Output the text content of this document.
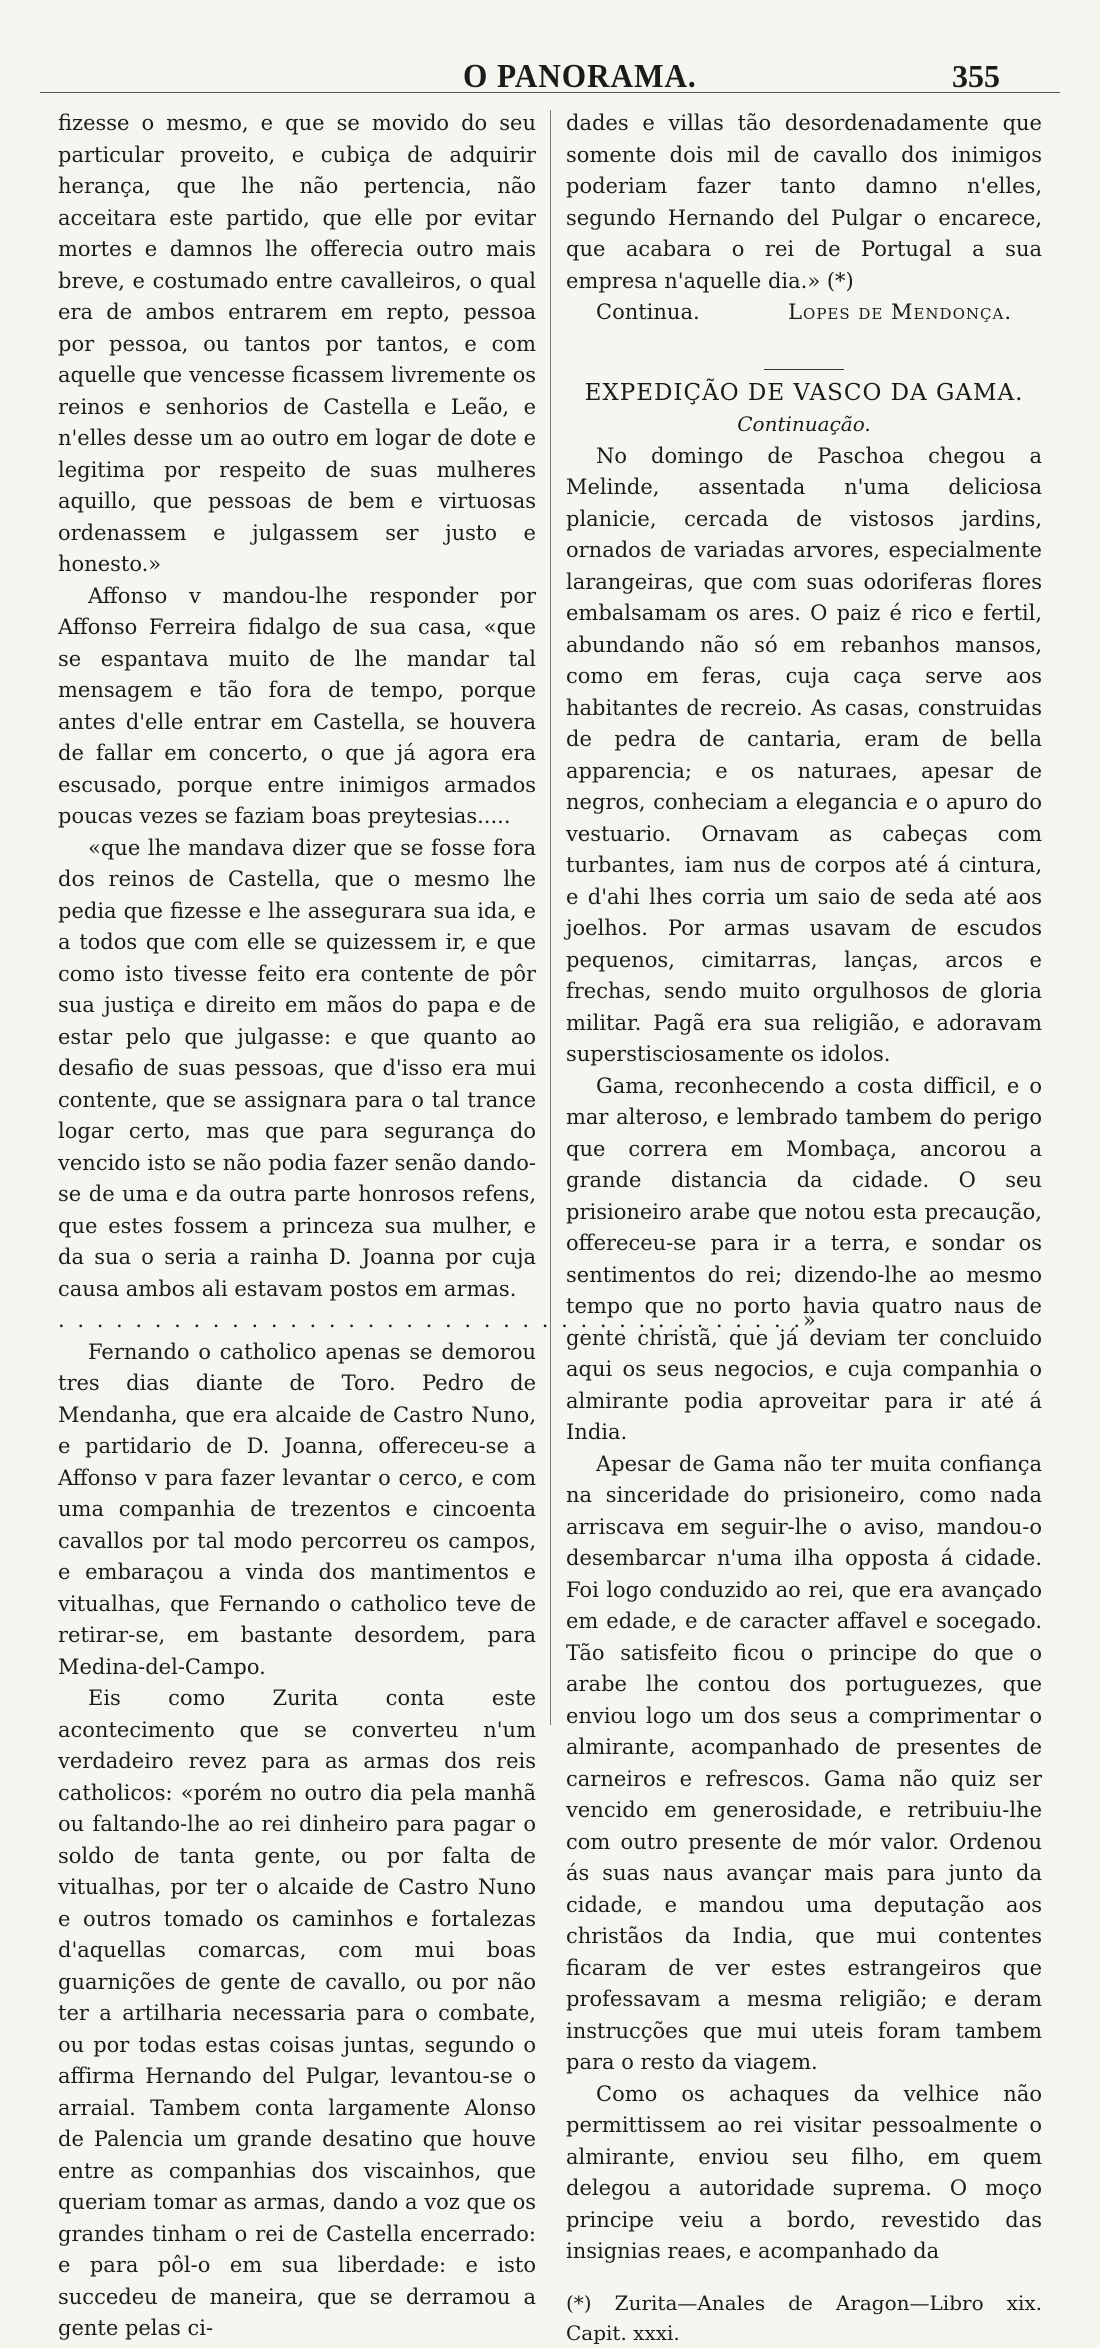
O PANORAMA.	355

fizesse o mesmo, e que se movido do seu particular proveito, e cubiça de adquirir herança, que lhe não pertencia, não acceitara este partido, que elle por evitar mortes e damnos lhe offerecia outro mais breve, e costumado entre cavalleiros, o qual era de ambos entrarem em repto, pessoa por pessoa, ou tantos por tantos, e com aquelle que vencesse ficassem livremente os reinos e senhorios de Castella e Leão, e n'elles desse um ao outro em logar de dote e legitima por respeito de suas mulheres aquillo, que pessoas de bem e virtuosas ordenassem e julgassem ser justo e honesto.»

Affonso v mandou-lhe responder por Affonso Ferreira fidalgo de sua casa, «que se espantava muito de lhe mandar tal mensagem e tão fora de tempo, porque antes d'elle entrar em Castella, se houvera de fallar em concerto, o que já agora era escusado, porque entre inimigos armados poucas vezes se faziam boas preytesias.....

«que lhe mandava dizer que se fosse fora dos reinos de Castella, que o mesmo lhe pedia que fizesse e lhe assegurara sua ida, e a todos que com elle se quizessem ir, e que como isto tivesse feito era contente de pôr sua justiça e direito em mãos do papa e de estar pelo que julgasse: e que quanto ao desafio de suas pessoas, que d'isso era mui contente, que se assignara para o tal trance logar certo, mas que para segurança do vencido isto se não podia fazer senão dando-se de uma e da outra parte honrosos refens, que estes fossem a princeza sua mulher, e da sua o seria a rainha D. Joanna por cuja causa ambos ali estavam postos em armas.

. . . . . . . . . . . . . . . . . . . . . . . . . . . . . . . . . . . . . . .»

Fernando o catholico apenas se demorou tres dias diante de Toro. Pedro de Mendanha, que era alcaide de Castro Nuno, e partidario de D. Joanna, offereceu-se a Affonso v para fazer levantar o cerco, e com uma companhia de trezentos e cincoenta cavallos por tal modo percorreu os campos, e embaraçou a vinda dos mantimentos e vitualhas, que Fernando o catholico teve de retirar-se, em bastante desordem, para Medina-del-Campo.

Eis como Zurita conta este acontecimento que se converteu n'um verdadeiro revez para as armas dos reis catholicos: «porém no outro dia pela manhã ou faltando-lhe ao rei dinheiro para pagar o soldo de tanta gente, ou por falta de vitualhas, por ter o alcaide de Castro Nuno e outros tomado os caminhos e fortalezas d'aquellas comarcas, com mui boas guarnições de gente de cavallo, ou por não ter a artilharia necessaria para o combate, ou por todas estas coisas juntas, segundo o affirma Hernando del Pulgar, levantou-se o arraial. Tambem conta largamente Alonso de Palencia um grande desatino que houve entre as companhias dos viscainhos, que queriam tomar as armas, dando a voz que os grandes tinham o rei de Castella encerrado: e para pôl-o em sua liberdade: e isto succedeu de maneira, que se derramou a gente pelas ci-

dades e villas tão desordenadamente que somente dois mil de cavallo dos inimigos poderiam fazer tanto damno n'elles, segundo Hernando del Pulgar o encarece, que acabara o rei de Portugal a sua empresa n'aquelle dia.» (*)

Continua.	Lopes de Mendonça.
EXPEDIÇÃO DE VASCO DA GAMA.
Continuação.

No domingo de Paschoa chegou a Melinde, assentada n'uma deliciosa planicie, cercada de vistosos jardins, ornados de variadas arvores, especialmente larangeiras, que com suas odoriferas flores embalsamam os ares. O paiz é rico e fertil, abundando não só em rebanhos mansos, como em feras, cuja caça serve aos habitantes de recreio. As casas, construidas de pedra de cantaria, eram de bella apparencia; e os naturaes, apesar de negros, conheciam a elegancia e o apuro do vestuario. Ornavam as cabeças com turbantes, iam nus de corpos até á cintura, e d'ahi lhes corria um saio de seda até aos joelhos. Por armas usavam de escudos pequenos, cimitarras, lanças, arcos e frechas, sendo muito orgulhosos de gloria militar. Pagã era sua religião, e adoravam superstisciosamente os idolos.

Gama, reconhecendo a costa difficil, e o mar alteroso, e lembrado tambem do perigo que correra em Mombaça, ancorou a grande distancia da cidade. O seu prisioneiro arabe que notou esta precaução, offereceu-se para ir a terra, e sondar os sentimentos do rei; dizendo-lhe ao mesmo tempo que no porto havia quatro naus de gente christã, que já deviam ter concluido aqui os seus negocios, e cuja companhia o almirante podia aproveitar para ir até á India.

Apesar de Gama não ter muita confiança na sinceridade do prisioneiro, como nada arriscava em seguir-lhe o aviso, mandou-o desembarcar n'uma ilha opposta á cidade. Foi logo conduzido ao rei, que era avançado em edade, e de caracter affavel e socegado. Tão satisfeito ficou o principe do que o arabe lhe contou dos portuguezes, que enviou logo um dos seus a comprimentar o almirante, acompanhado de presentes de carneiros e refrescos. Gama não quiz ser vencido em generosidade, e retribuiu-lhe com outro presente de mór valor. Ordenou ás suas naus avançar mais para junto da cidade, e mandou uma deputação aos christãos da India, que mui contentes ficaram de ver estes estrangeiros que professavam a mesma religião; e deram instrucções que mui uteis foram tambem para o resto da viagem.

Como os achaques da velhice não permittissem ao rei visitar pessoalmente o almirante, enviou seu filho, em quem delegou a autoridade suprema. O moço principe veiu a bordo, revestido das insignias reaes, e acompanhado da

(*) Zurita—Anales de Aragon—Libro xix. Capit. xxxi.
